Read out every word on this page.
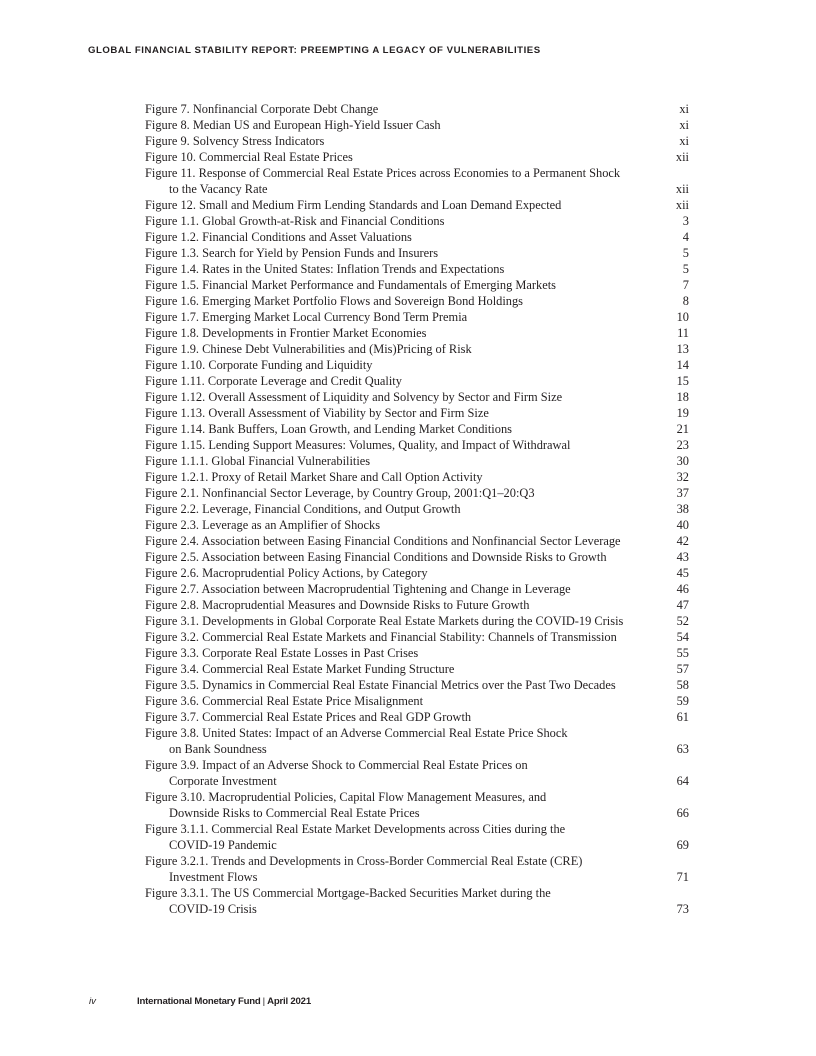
GLOBAL FINANCIAL STABILITY REPORT: PREEMPTING A LEGACY OF VULNERABILITIES
Figure 7. Nonfinancial Corporate Debt Change	xi
Figure 8. Median US and European High-Yield Issuer Cash	xi
Figure 9. Solvency Stress Indicators	xi
Figure 10. Commercial Real Estate Prices	xii
Figure 11. Response of Commercial Real Estate Prices across Economies to a Permanent Shock
to the Vacancy Rate	xii
Figure 12. Small and Medium Firm Lending Standards and Loan Demand Expected	xii
Figure 1.1. Global Growth-at-Risk and Financial Conditions	3
Figure 1.2. Financial Conditions and Asset Valuations	4
Figure 1.3. Search for Yield by Pension Funds and Insurers	5
Figure 1.4. Rates in the United States: Inflation Trends and Expectations	5
Figure 1.5. Financial Market Performance and Fundamentals of Emerging Markets	7
Figure 1.6. Emerging Market Portfolio Flows and Sovereign Bond Holdings	8
Figure 1.7. Emerging Market Local Currency Bond Term Premia	10
Figure 1.8. Developments in Frontier Market Economies	11
Figure 1.9. Chinese Debt Vulnerabilities and (Mis)Pricing of Risk	13
Figure 1.10. Corporate Funding and Liquidity	14
Figure 1.11. Corporate Leverage and Credit Quality	15
Figure 1.12. Overall Assessment of Liquidity and Solvency by Sector and Firm Size	18
Figure 1.13. Overall Assessment of Viability by Sector and Firm Size	19
Figure 1.14. Bank Buffers, Loan Growth, and Lending Market Conditions	21
Figure 1.15. Lending Support Measures: Volumes, Quality, and Impact of Withdrawal	23
Figure 1.1.1. Global Financial Vulnerabilities	30
Figure 1.2.1. Proxy of Retail Market Share and Call Option Activity	32
Figure 2.1. Nonfinancial Sector Leverage, by Country Group, 2001:Q1–20:Q3	37
Figure 2.2. Leverage, Financial Conditions, and Output Growth	38
Figure 2.3. Leverage as an Amplifier of Shocks	40
Figure 2.4. Association between Easing Financial Conditions and Nonfinancial Sector Leverage	42
Figure 2.5. Association between Easing Financial Conditions and Downside Risks to Growth	43
Figure 2.6. Macroprudential Policy Actions, by Category	45
Figure 2.7. Association between Macroprudential Tightening and Change in Leverage	46
Figure 2.8. Macroprudential Measures and Downside Risks to Future Growth	47
Figure 3.1. Developments in Global Corporate Real Estate Markets during the COVID-19 Crisis	52
Figure 3.2. Commercial Real Estate Markets and Financial Stability: Channels of Transmission	54
Figure 3.3. Corporate Real Estate Losses in Past Crises	55
Figure 3.4. Commercial Real Estate Market Funding Structure	57
Figure 3.5. Dynamics in Commercial Real Estate Financial Metrics over the Past Two Decades	58
Figure 3.6. Commercial Real Estate Price Misalignment	59
Figure 3.7. Commercial Real Estate Prices and Real GDP Growth	61
Figure 3.8. United States: Impact of an Adverse Commercial Real Estate Price Shock
on Bank Soundness	63
Figure 3.9. Impact of an Adverse Shock to Commercial Real Estate Prices on
Corporate Investment	64
Figure 3.10. Macroprudential Policies, Capital Flow Management Measures, and
Downside Risks to Commercial Real Estate Prices	66
Figure 3.1.1. Commercial Real Estate Market Developments across Cities during the
COVID-19 Pandemic	69
Figure 3.2.1. Trends and Developments in Cross-Border Commercial Real Estate (CRE)
Investment Flows	71
Figure 3.3.1. The US Commercial Mortgage-Backed Securities Market during the
COVID-19 Crisis	73
iv	International Monetary Fund | April 2021
